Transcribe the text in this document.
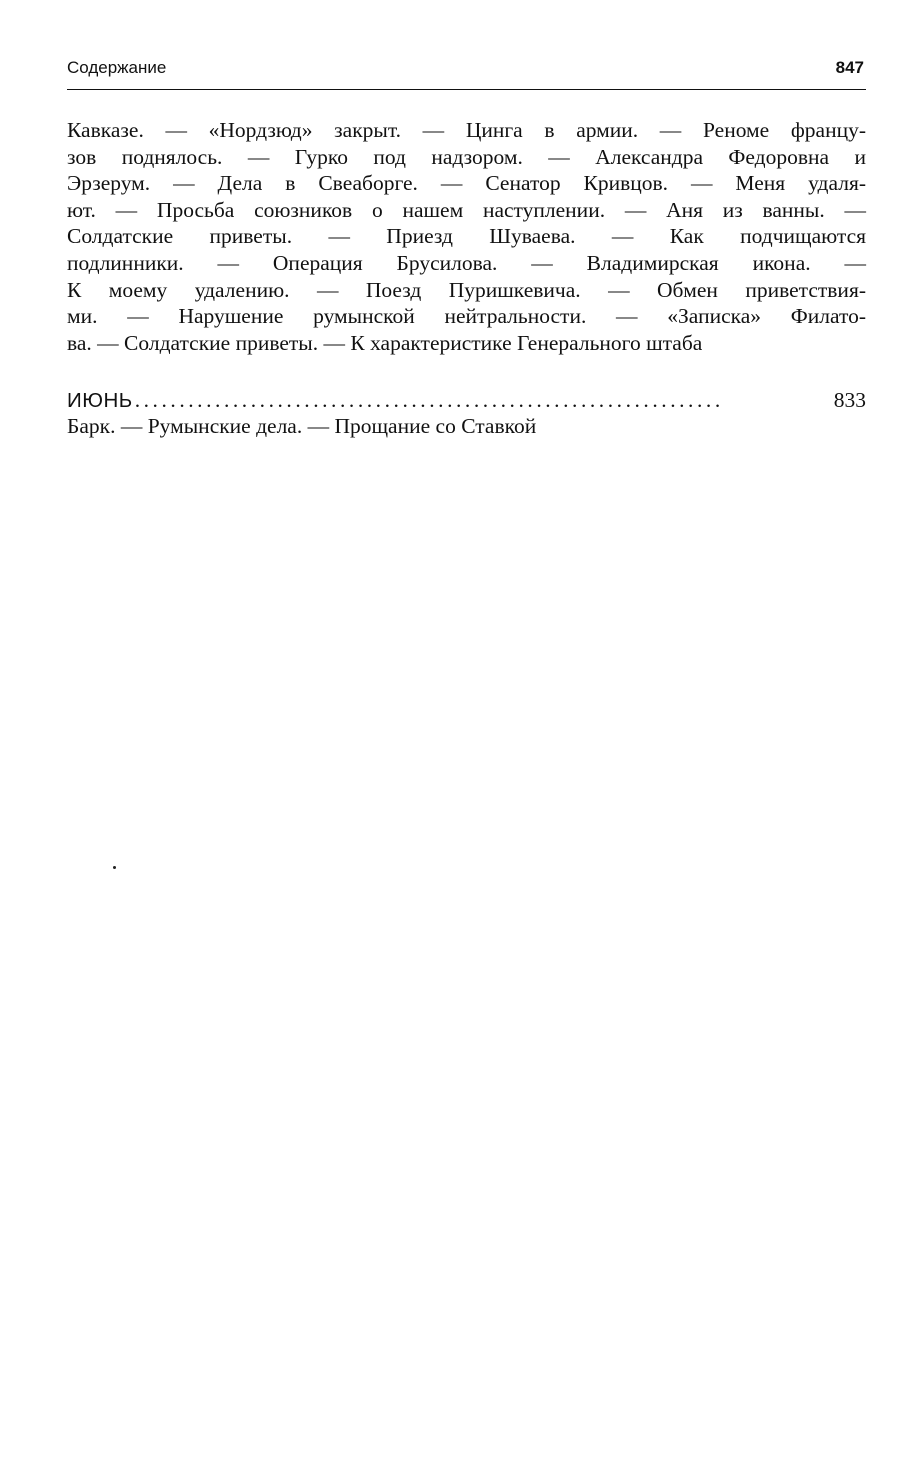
Содержание	847
Кавказе. — «Нордзюд» закрыт. — Цинга в армии. — Реноме францу-
зов поднялось. — Гурко под надзором. — Александра Федоровна и
Эрзерум. — Дела в Свеаборге. — Сенатор Кривцов. — Меня удаля-
ют. — Просьба союзников о нашем наступлении. — Аня из ванны. —
Солдатские приветы. — Приезд Шуваева. — Как подчищаются
подлинники. — Операция Брусилова. — Владимирская икона. —
К моему удалению. — Поезд Пуришкевича. — Обмен приветствия-
ми. — Нарушение румынской нейтральности. — «Записка» Филато-
ва. — Солдатские приветы. — К характеристике Генерального штаба
ИЮНЬ ..................................................................	833
Барк. — Румынские дела. — Прощание со Ставкой
